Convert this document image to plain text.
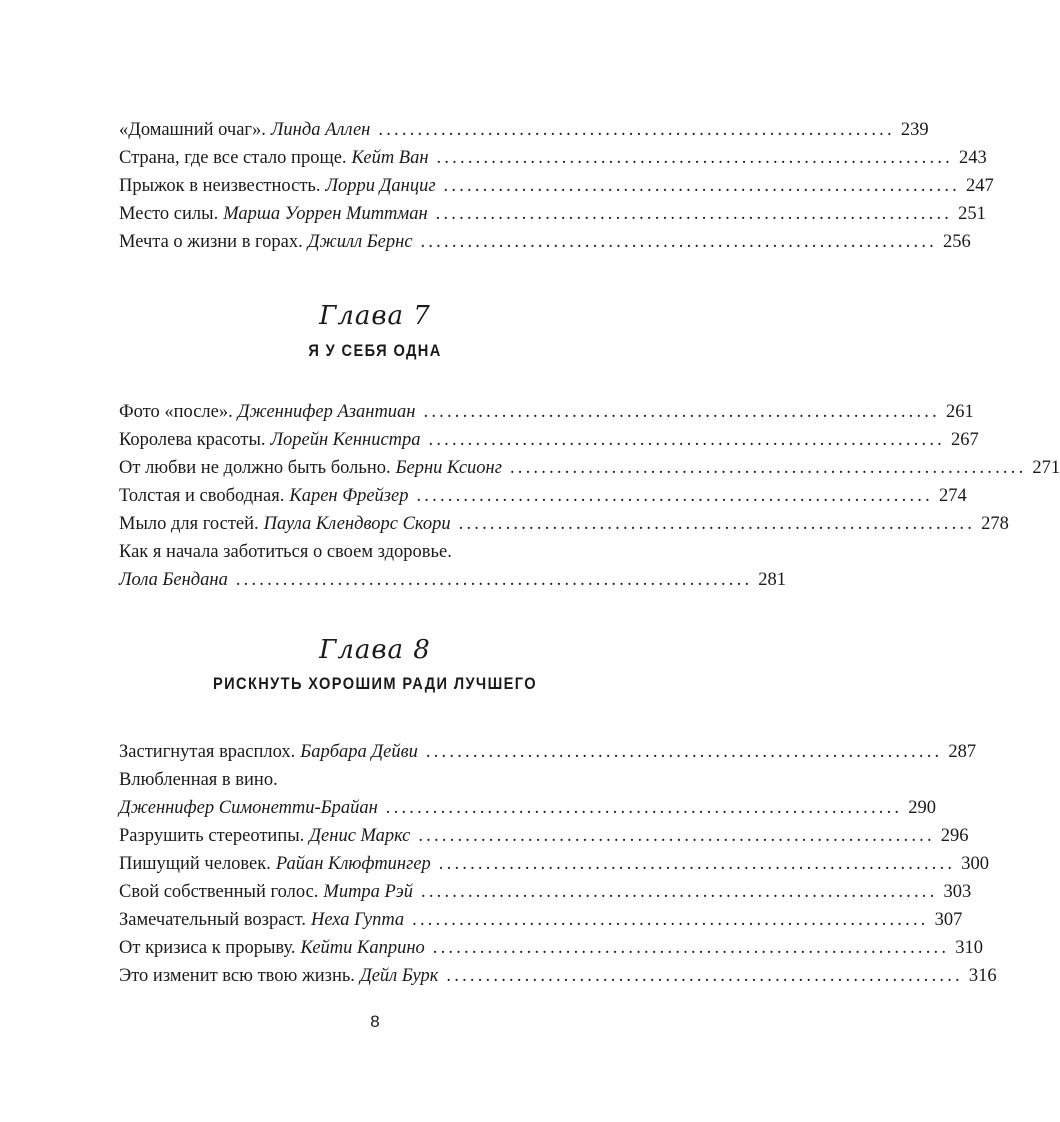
«Домашний очаг». Линда Аллен .................................................................. 239
Страна, где все стало проще. Кейт Ван .................................................................. 243
Прыжок в неизвестность. Лорри Данциг .................................................................. 247
Место силы. Марша Уоррен Миттман .................................................................. 251
Мечта о жизни в горах. Джилл Бернс .................................................................. 256
Глава 7
Я У СЕБЯ ОДНА
Фото «после». Дженнифер Азантиан .................................................................. 261
Королева красоты. Лорейн Кеннистра .................................................................. 267
От любви не должно быть больно. Берни Ксионг .................................................................. 271
Толстая и свободная. Карен Фрейзер .................................................................. 274
Мыло для гостей. Паула Клендворс Скори .................................................................. 278
Как я начала заботиться о своем здоровье.
Лола Бендана .................................................................. 281
Глава 8
РИСКНУТЬ ХОРОШИМ РАДИ ЛУЧШЕГО
Застигнутая врасплох. Барбара Дейви .................................................................. 287
Влюбленная в вино.
Дженнифер Симонетти-Брайан .................................................................. 290
Разрушить стереотипы. Денис Маркс .................................................................. 296
Пишущий человек. Райан Клюфтингер .................................................................. 300
Свой собственный голос. Митра Рэй .................................................................. 303
Замечательный возраст. Неха Гупта .................................................................. 307
От кризиса к прорыву. Кейти Каприно .................................................................. 310
Это изменит всю твою жизнь. Дейл Бурк .................................................................. 316
8
